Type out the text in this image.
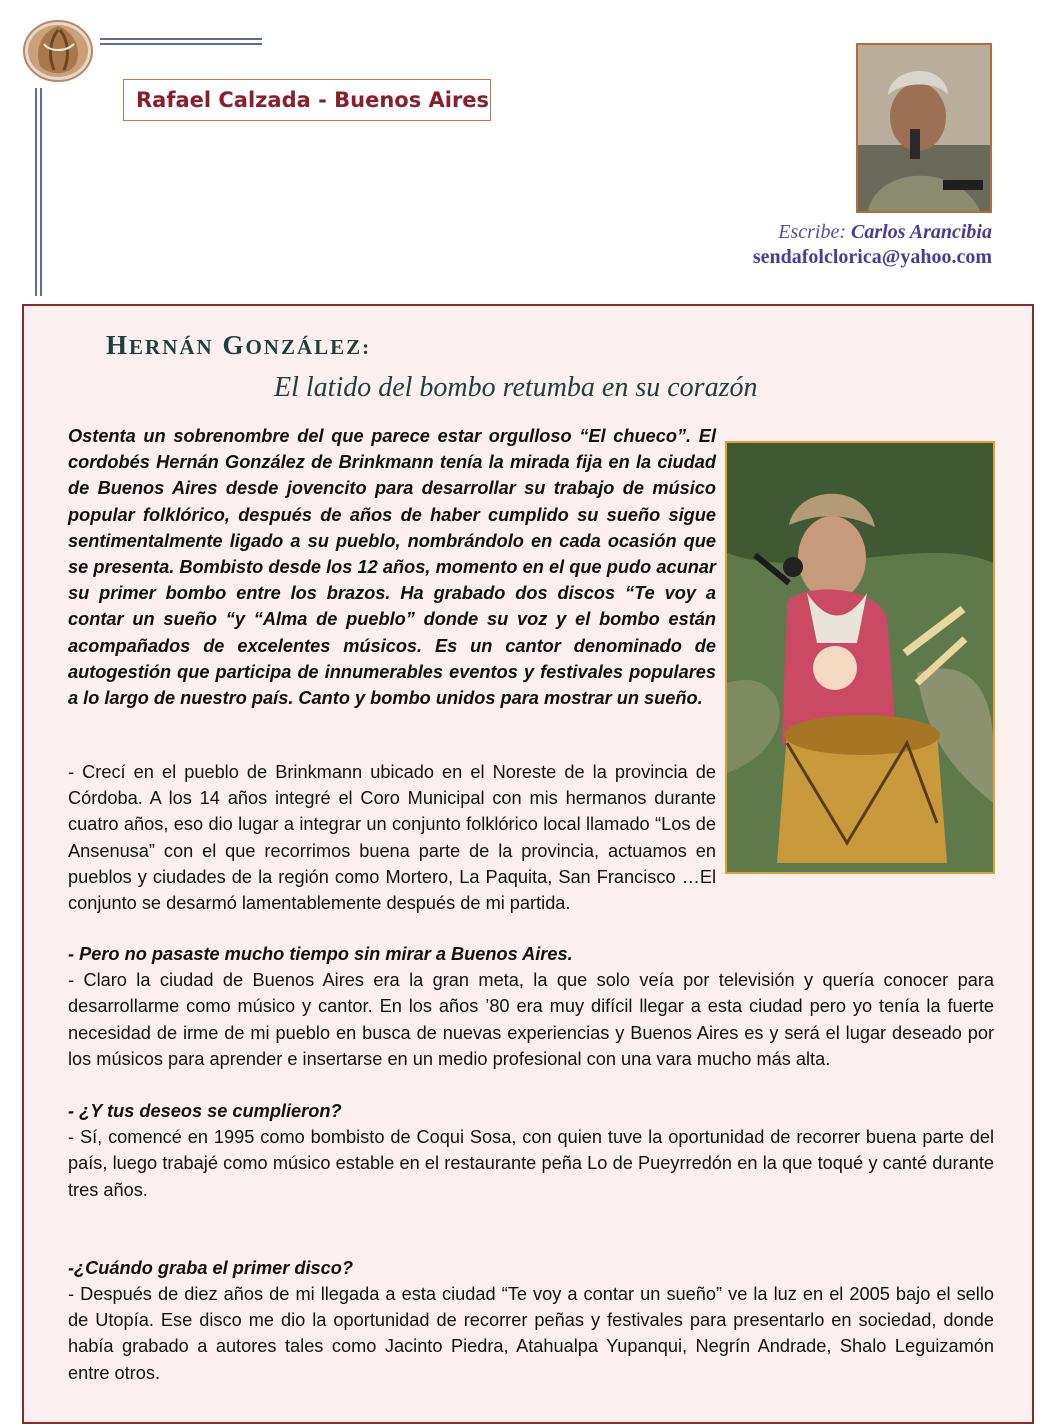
Rafael Calzada - Buenos Aires
Escribe: Carlos Arancibia
sendafolclorica@yahoo.com
HERNÁN GONZÁLEZ:
El latido del bombo retumba en su corazón
Ostenta un sobrenombre del que parece estar orgulloso “El chueco”. El cordobés Hernán González de Brinkmann tenía la mirada fija en la ciudad de Buenos Aires desde jovencito para desarrollar su trabajo de músico popular folklórico, después de años de haber cumplido su sueño sigue sentimentalmente ligado a su pueblo, nombrándolo en cada ocasión que se presenta. Bombisto desde los 12 años, momento en el que pudo acunar su primer bombo entre los brazos. Ha grabado dos discos “Te voy a contar un sueño “y “Alma de pueblo” donde su voz y el bombo están acompañados de excelentes músicos. Es un cantor denominado de autogestión que participa de innumerables eventos y festivales populares a lo largo de nuestro país. Canto y bombo unidos para mostrar un sueño.
- Crecí en el pueblo de Brinkmann ubicado en el Noreste de la provincia de Córdoba. A los 14 años integré el Coro Municipal con mis hermanos durante cuatro años, eso dio lugar a integrar un conjunto folklórico local llamado “Los de Ansenusa” con el que recorrimos buena parte de la provincia, actuamos en pueblos y ciudades de la región como Mortero, La Paquita, San Francisco …El conjunto se desarmó lamentablemente después de mi partida.
- Pero no pasaste mucho tiempo sin mirar a Buenos Aires.
- Claro la ciudad de Buenos Aires era la gran meta, la que solo veía por televisión y quería conocer para desarrollarme como músico y cantor. En los años ’80 era muy difícil llegar a esta ciudad pero yo tenía la fuerte necesidad de irme de mi pueblo en busca de nuevas experiencias y Buenos Aires es y será el lugar deseado por los músicos para aprender e insertarse en un medio profesional con una vara mucho más alta.
- ¿Y tus deseos se cumplieron?
- Sí, comencé en 1995 como bombisto de Coqui Sosa, con quien tuve la oportunidad de recorrer buena parte del país, luego trabajé como músico estable en el restaurante peña Lo de Pueyrredón en la que toqué y canté durante tres años.
-¿Cuándo graba el primer disco?
- Después de diez años de mi llegada a esta ciudad “Te voy a contar un sueño” ve la luz en el 2005 bajo el sello de Utopía. Ese disco me dio la oportunidad de recorrer peñas y festivales para presentarlo en sociedad, donde había grabado a autores tales como Jacinto Piedra, Atahualpa Yupanqui, Negrín Andrade, Shalo Leguizamón entre otros.
